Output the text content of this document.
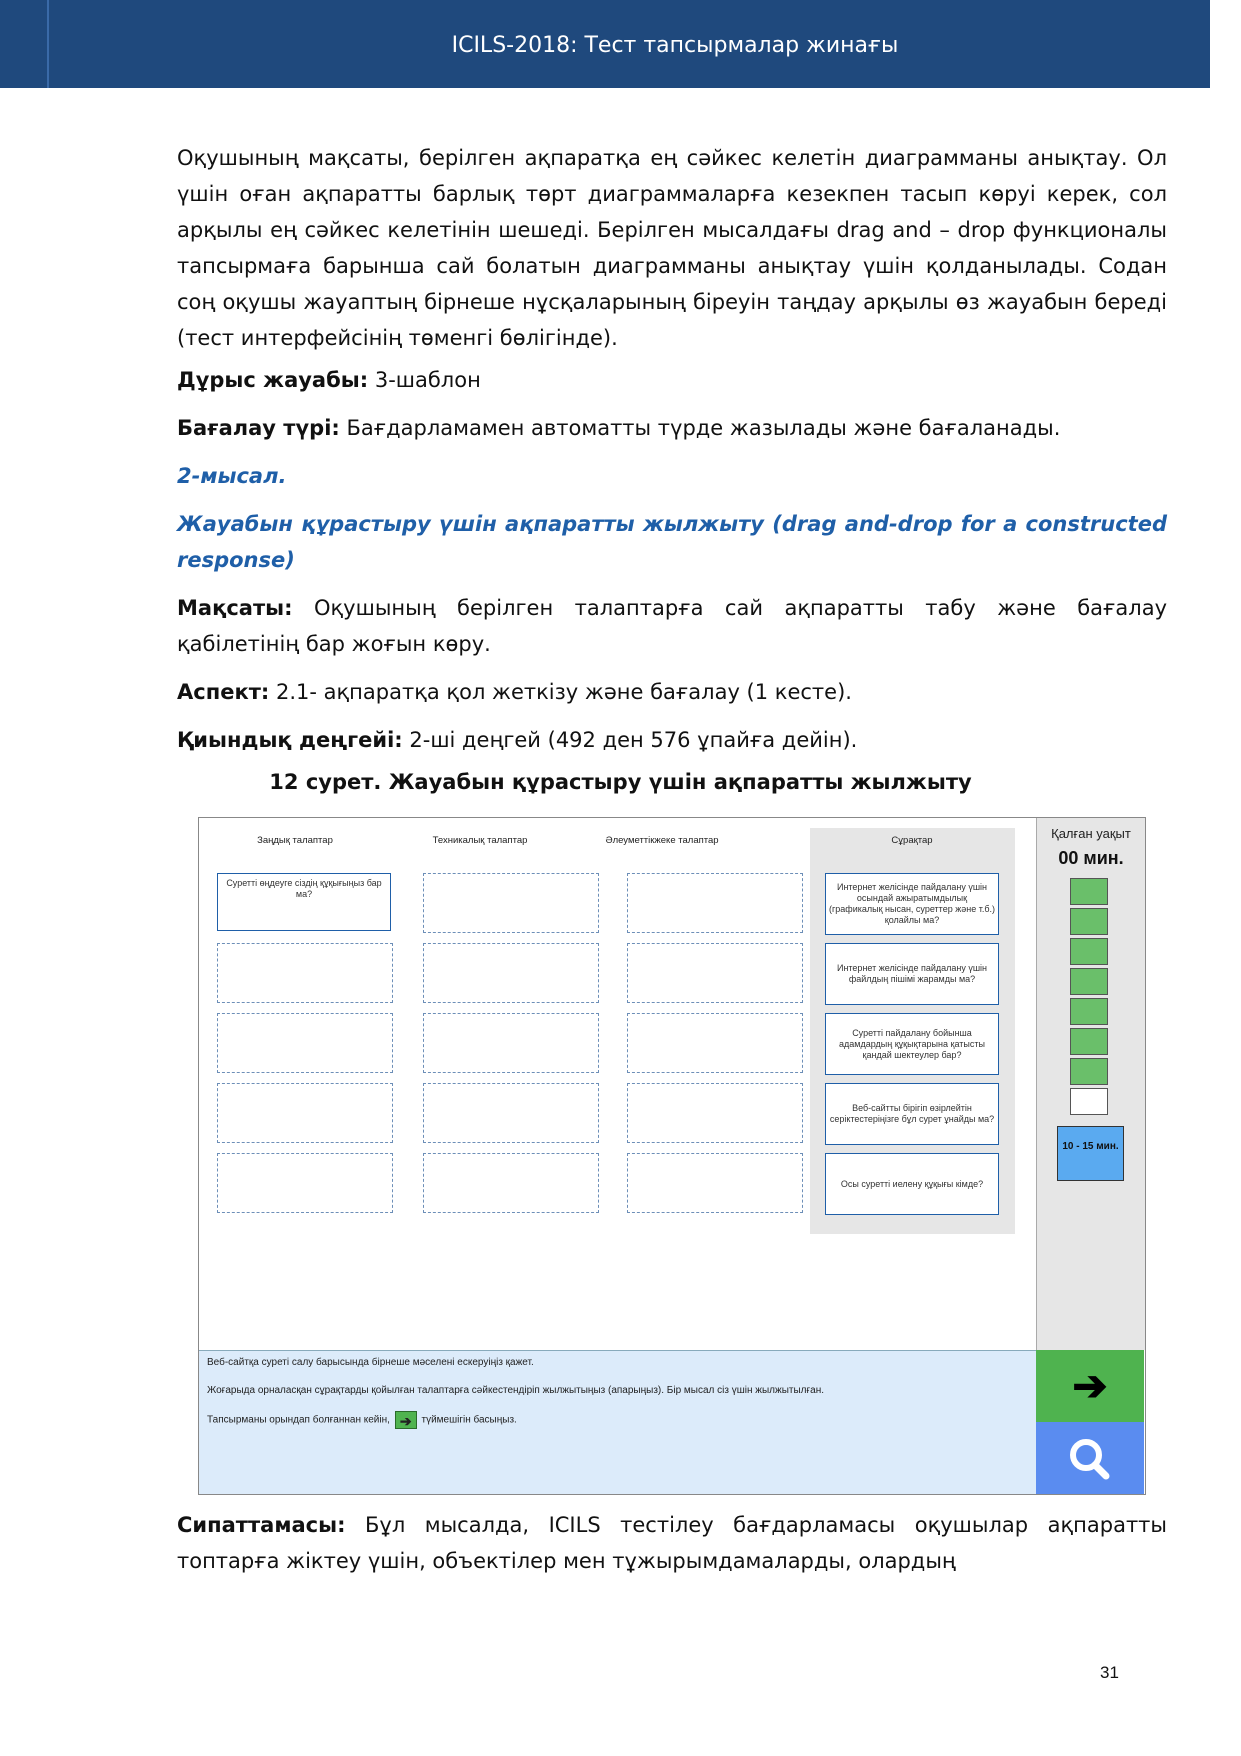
ICILS-2018: Тест тапсырмалар жинағы

Оқушының мақсаты, берілген ақпаратқа ең сәйкес келетін диаграмманы анықтау. Ол үшін оған ақпаратты барлық төрт диаграммаларға кезекпен тасып көруі керек, сол арқылы ең сәйкес келетінін шешеді. Берілген мысалдағы drag and – drop функционалы тапсырмаға барынша сай болатын диаграмманы анықтау үшін қолданылады. Содан соң оқушы жауаптың бірнеше нұсқаларының біреуін таңдау арқылы өз жауабын береді (тест интерфейсінің төменгі бөлігінде).

Дұрыс жауабы: 3-шаблон
Бағалау түрі: Бағдарламамен автоматты түрде жазылады және бағаланады.
2-мысал.
Жауабын құрастыру үшін ақпаратты жылжыту (drag and-drop for a constructed response)
Мақсаты: Оқушының берілген талаптарға сай ақпаратты табу және бағалау қабілетінің бар жоғын көру.
Аспект: 2.1- ақпаратқа қол жеткізу және бағалау (1 кесте).
Қиындық деңгейі: 2-ші деңгей (492 ден 576 ұпайға дейін).
12 сурет. Жауабын құрастыру үшін ақпаратты жылжыту
Заңдық талаптар	Техникалық талаптар	Әлеуметтікжеке талаптар	Сұрақтар
Суретті өңдеуге сіздің құқығыңыз бар ма?
Интернет желісінде пайдалану үшін осындай ажыратымдылық (графикалық нысан, суреттер және т.б.) қолайлы ма?
Интернет желісінде пайдалану үшін файлдың пішімі жарамды ма?
Суретті пайдалану бойынша адамдардың құқықтарына қатысты қандай шектеулер бар?
Веб-сайтты бірігіп өзірлейтін серіктестеріңізге бұл сурет ұнайды ма?
Осы суретті иелену құқығы кімде?
Қалған уақыт
00 мин.
10 - 15 мин.
Веб-сайтқа суреті салу барысында бірнеше мәселені ескеруіңіз қажет.
Жоғарыда орналасқан сұрақтарды қойылған талаптарға сәйкестендіріп жылжытыңыз (апарыңыз). Бір мысал сіз үшін жылжытылған.
Тапсырманы орындап болғаннан кейін, ➔ түймешігін басыңыз.
➔
Сипаттамасы: Бұл мысалда, ICILS тестілеу бағдарламасы оқушылар ақпаратты топтарға жіктеу үшін, объектілер мен тұжырымдамаларды, олардың
31
